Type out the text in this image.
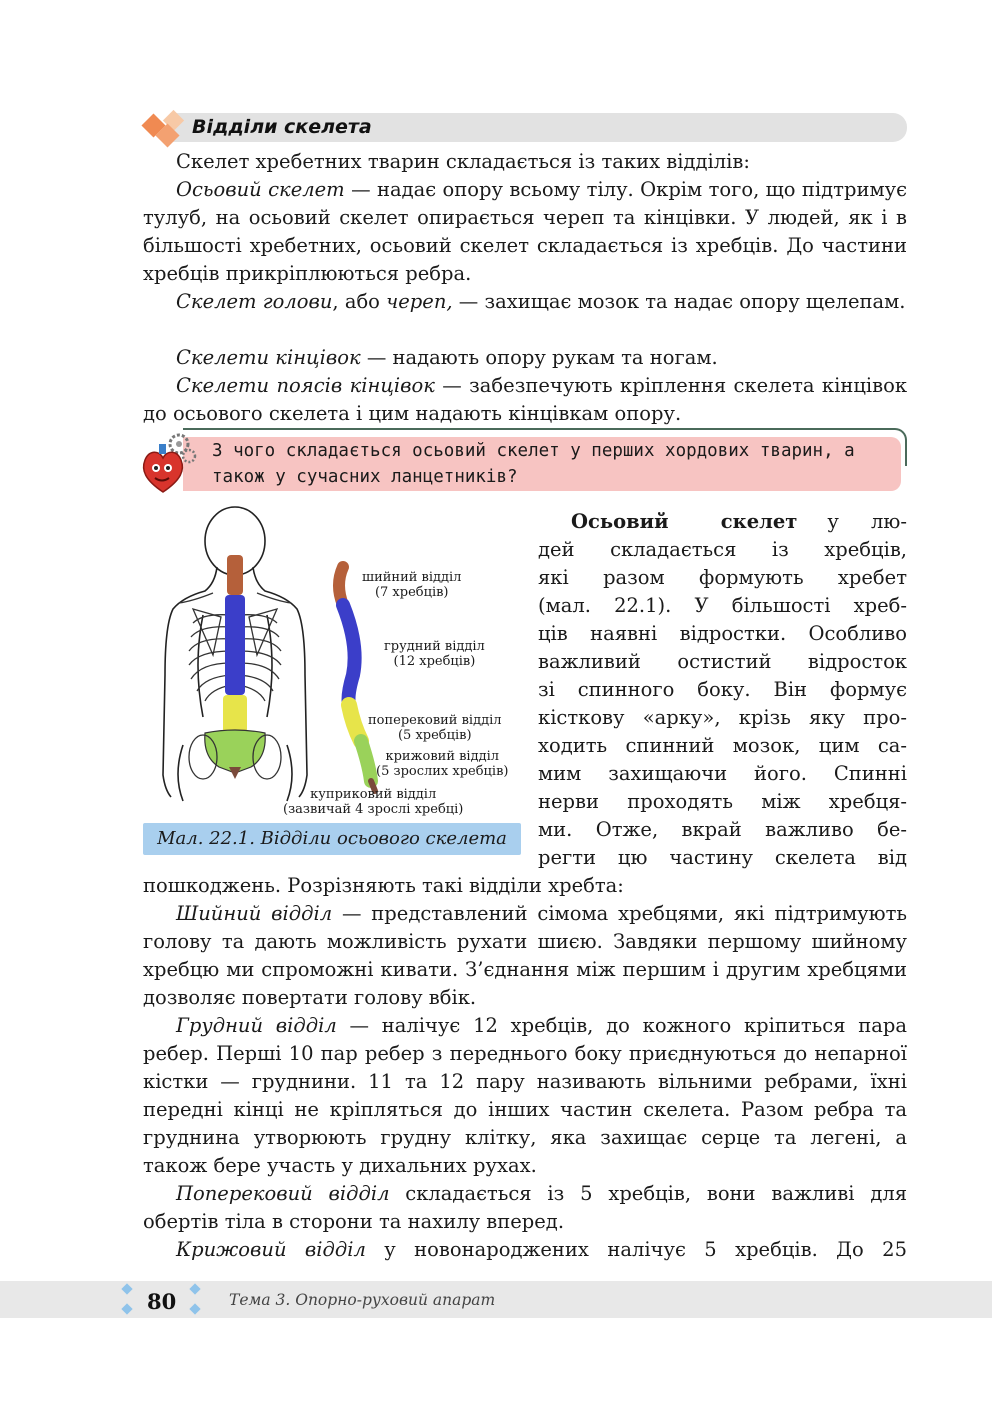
Відділи скелета
Скелет хребетних тварин складається із таких відділів:
Осьовий скелет — надає опору всьому тілу. Окрім того, що підтримує тулуб, на осьовий скелет опирається череп та кінцівки. У людей, як і в більшості хребетних, осьовий скелет складається із хребців. До частини хребців прикріплюються ребра.
Скелет голови, або череп, — захищає мозок та надає опору щелепам.
Скелети кінцівок — надають опору рукам та ногам.
Скелети поясів кінцівок — забезпечують кріплення скелета кінцівок до осьового скелета і цим надають кінцівкам опору.
З чого складається осьовий скелет у перших хордових тварин, а
також у сучасних ланцетників?
шийний відділ
(7 хребців)
грудний відділ
(12 хребців)
поперековий відділ
(5 хребців)
крижовий відділ
(5 зрослих хребців)
куприковий відділ
(зазвичай 4 зрослі хребці)
Мал. 22.1. Відділи осьового скелета
Осьовий скелет у лю-
дей складається із хребців,
які разом формують хребет
(мал. 22.1). У більшості хреб-
ців наявні відростки. Особливо
важливий остистий відросток
зі спинного боку. Він формує
кісткову «арку», крізь яку про-
ходить спинний мозок, цим са-
мим захищаючи його. Спинні
нерви проходять між хребця-
ми. Отже, вкрай важливо бе-
регти цю частину скелета від
пошкоджень. Розрізняють такі відділи хребта:
Шийний відділ — представлений сімома хребцями, які підтримують голову та дають можливість рухати шиєю. Завдяки першому шийному хребцю ми спроможні кивати. З’єднання між першим і другим хребцями дозволяє повертати голову вбік.
Грудний відділ — налічує 12 хребців, до кожного кріпиться пара ребер. Перші 10 пар ребер з переднього боку приєднуються до непарної кістки — груднини. 11 та 12 пару називають вільними ребрами, їхні передні кінці не кріпляться до інших частин скелета. Разом ребра та груднина утворюють грудну клітку, яка захищає серце та легені, а також бере участь у дихальних рухах.
Поперековий відділ складається із 5 хребців, вони важливі для обертів тіла в сторони та нахилу вперед.
Крижовий відділ у новонароджених налічує 5 хребців. До 25
80	Тема 3. Опорно-руховий апарат
